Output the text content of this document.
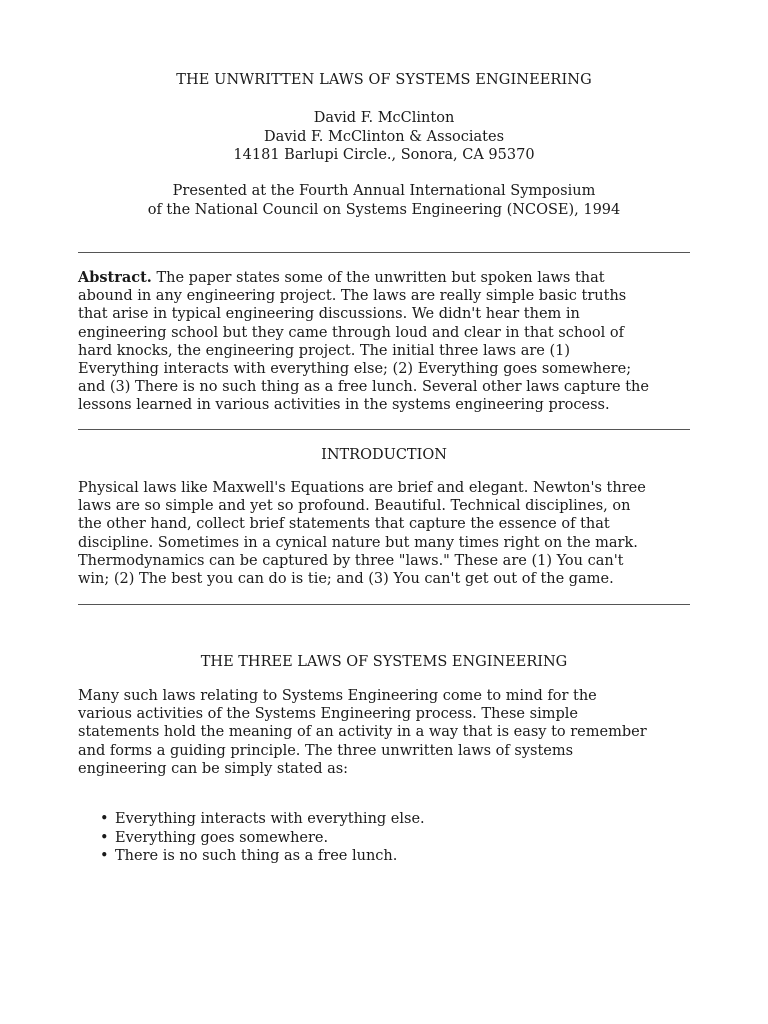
THE UNWRITTEN LAWS OF SYSTEMS ENGINEERING
David F. McClinton
David F. McClinton & Associates
14181 Barlupi Circle., Sonora, CA 95370
Presented at the Fourth Annual International Symposium
of the National Council on Systems Engineering (NCOSE), 1994
Abstract. The paper states some of the unwritten but spoken laws that
abound in any engineering project. The laws are really simple basic truths
that arise in typical engineering discussions. We didn't hear them in
engineering school but they came through loud and clear in that school of
hard knocks, the engineering project. The initial three laws are (1)
Everything interacts with everything else; (2) Everything goes somewhere;
and (3) There is no such thing as a free lunch. Several other laws capture the
lessons learned in various activities in the systems engineering process.
INTRODUCTION
Physical laws like Maxwell's Equations are brief and elegant. Newton's three
laws are so simple and yet so profound. Beautiful. Technical disciplines, on
the other hand, collect brief statements that capture the essence of that
discipline. Sometimes in a cynical nature but many times right on the mark.
Thermodynamics can be captured by three "laws." These are (1) You can't
win; (2) The best you can do is tie; and (3) You can't get out of the game.
THE THREE LAWS OF SYSTEMS ENGINEERING
Many such laws relating to Systems Engineering come to mind for the
various activities of the Systems Engineering process. These simple
statements hold the meaning of an activity in a way that is easy to remember
and forms a guiding principle. The three unwritten laws of systems
engineering can be simply stated as:
• Everything interacts with everything else.
• Everything goes somewhere.
• There is no such thing as a free lunch.
